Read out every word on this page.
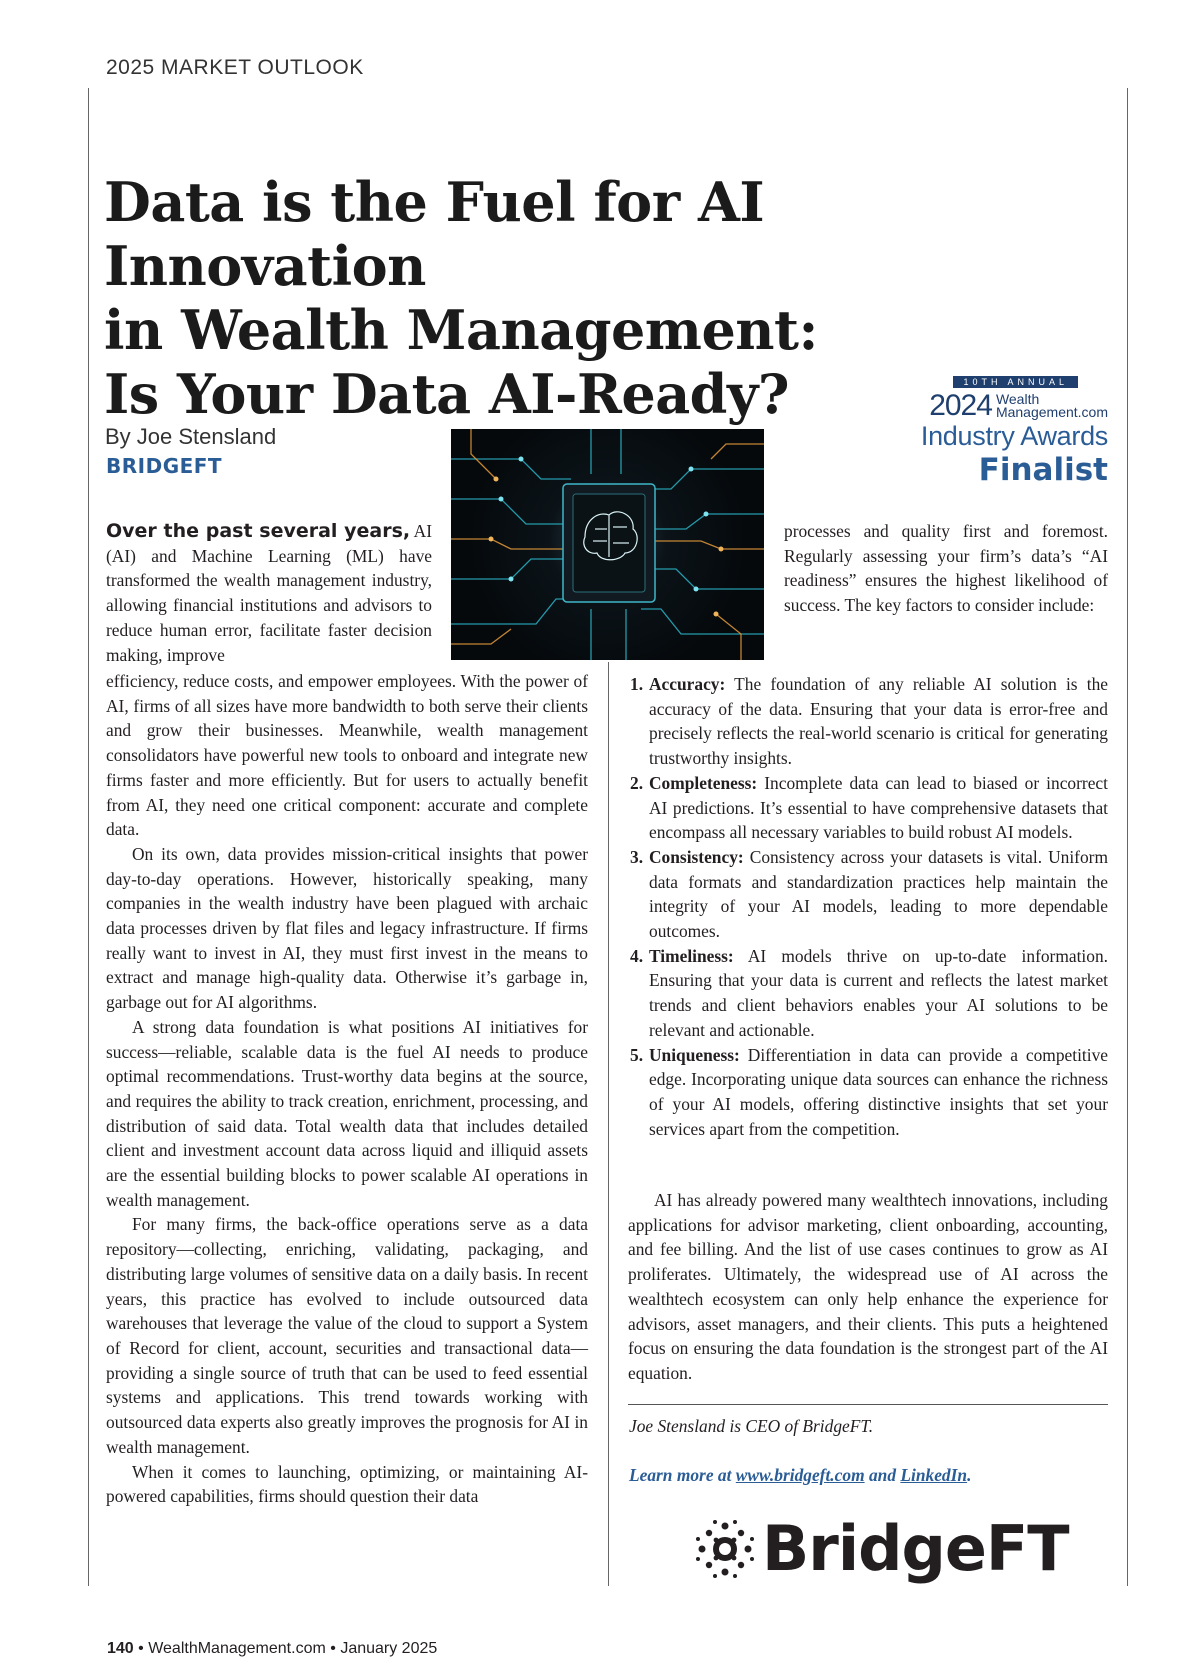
2025 MARKET OUTLOOK
Data is the Fuel for AI Innovation
in Wealth Management:
Is Your Data AI-Ready?	10TH ANNUAL
2024 Wealth
Management.com
Industry Awards
Finalist
By Joe Stensland
BRIDGEFT

Over the past several years, AI (AI) and Machine Learning (ML) have transformed the wealth management industry, allowing financial institutions and advisors to reduce human error, facilitate faster decision making, improve

efficiency, reduce costs, and empower employees. With the power of AI, firms of all sizes have more bandwidth to both serve their clients and grow their businesses. Meanwhile, wealth management consolidators have powerful new tools to onboard and integrate new firms faster and more efficiently. But for users to actually benefit from AI, they need one critical component: accurate and complete data.

On its own, data provides mission-critical insights that power day-to-day operations. However, historically speaking, many companies in the wealth industry have been plagued with archaic data processes driven by flat files and legacy infrastructure. If firms really want to invest in AI, they must first invest in the means to extract and manage high-quality data. Otherwise it’s garbage in, garbage out for AI algorithms.

A strong data foundation is what positions AI initiatives for success—reliable, scalable data is the fuel AI needs to produce optimal recommendations. Trust-worthy data begins at the source, and requires the ability to track creation, enrichment, processing, and distribution of said data. Total wealth data that includes detailed client and investment account data across liquid and illiquid assets are the essential building blocks to power scalable AI operations in wealth management.

For many firms, the back-office operations serve as a data repository—collecting, enriching, validating, packaging, and distributing large volumes of sensitive data on a daily basis. In recent years, this practice has evolved to include outsourced data warehouses that leverage the value of the cloud to support a System of Record for client, account, securities and transactional data—providing a single source of truth that can be used to feed essential systems and applications. This trend towards working with outsourced data experts also greatly improves the prognosis for AI in wealth management.

When it comes to launching, optimizing, or maintaining AI-powered capabilities, firms should question their data

processes and quality first and foremost. Regularly assessing your firm’s data’s “AI readiness” ensures the highest likelihood of success. The key factors to consider include:
1. Accuracy: The foundation of any reliable AI solution is the accuracy of the data. Ensuring that your data is error-free and precisely reflects the real-world scenario is critical for generating trustworthy insights.
2. Completeness: Incomplete data can lead to biased or incorrect AI predictions. It’s essential to have comprehensive datasets that encompass all necessary variables to build robust AI models.
3. Consistency: Consistency across your datasets is vital. Uniform data formats and standardization practices help maintain the integrity of your AI models, leading to more dependable outcomes.
4. Timeliness: AI models thrive on up-to-date information. Ensuring that your data is current and reflects the latest market trends and client behaviors enables your AI solutions to be relevant and actionable.
5. Uniqueness: Differentiation in data can provide a competitive edge. Incorporating unique data sources can enhance the richness of your AI models, offering distinctive insights that set your services apart from the competition.

AI has already powered many wealthtech innovations, including applications for advisor marketing, client onboarding, accounting, and fee billing. And the list of use cases continues to grow as AI proliferates. Ultimately, the widespread use of AI across the wealthtech ecosystem can only help enhance the experience for advisors, asset managers, and their clients. This puts a heightened focus on ensuring the data foundation is the strongest part of the AI equation.

Joe Stensland is CEO of BridgeFT.
Learn more at www.bridgeft.com and LinkedIn.
BridgeFT
140 • WealthManagement.com • January 2025
